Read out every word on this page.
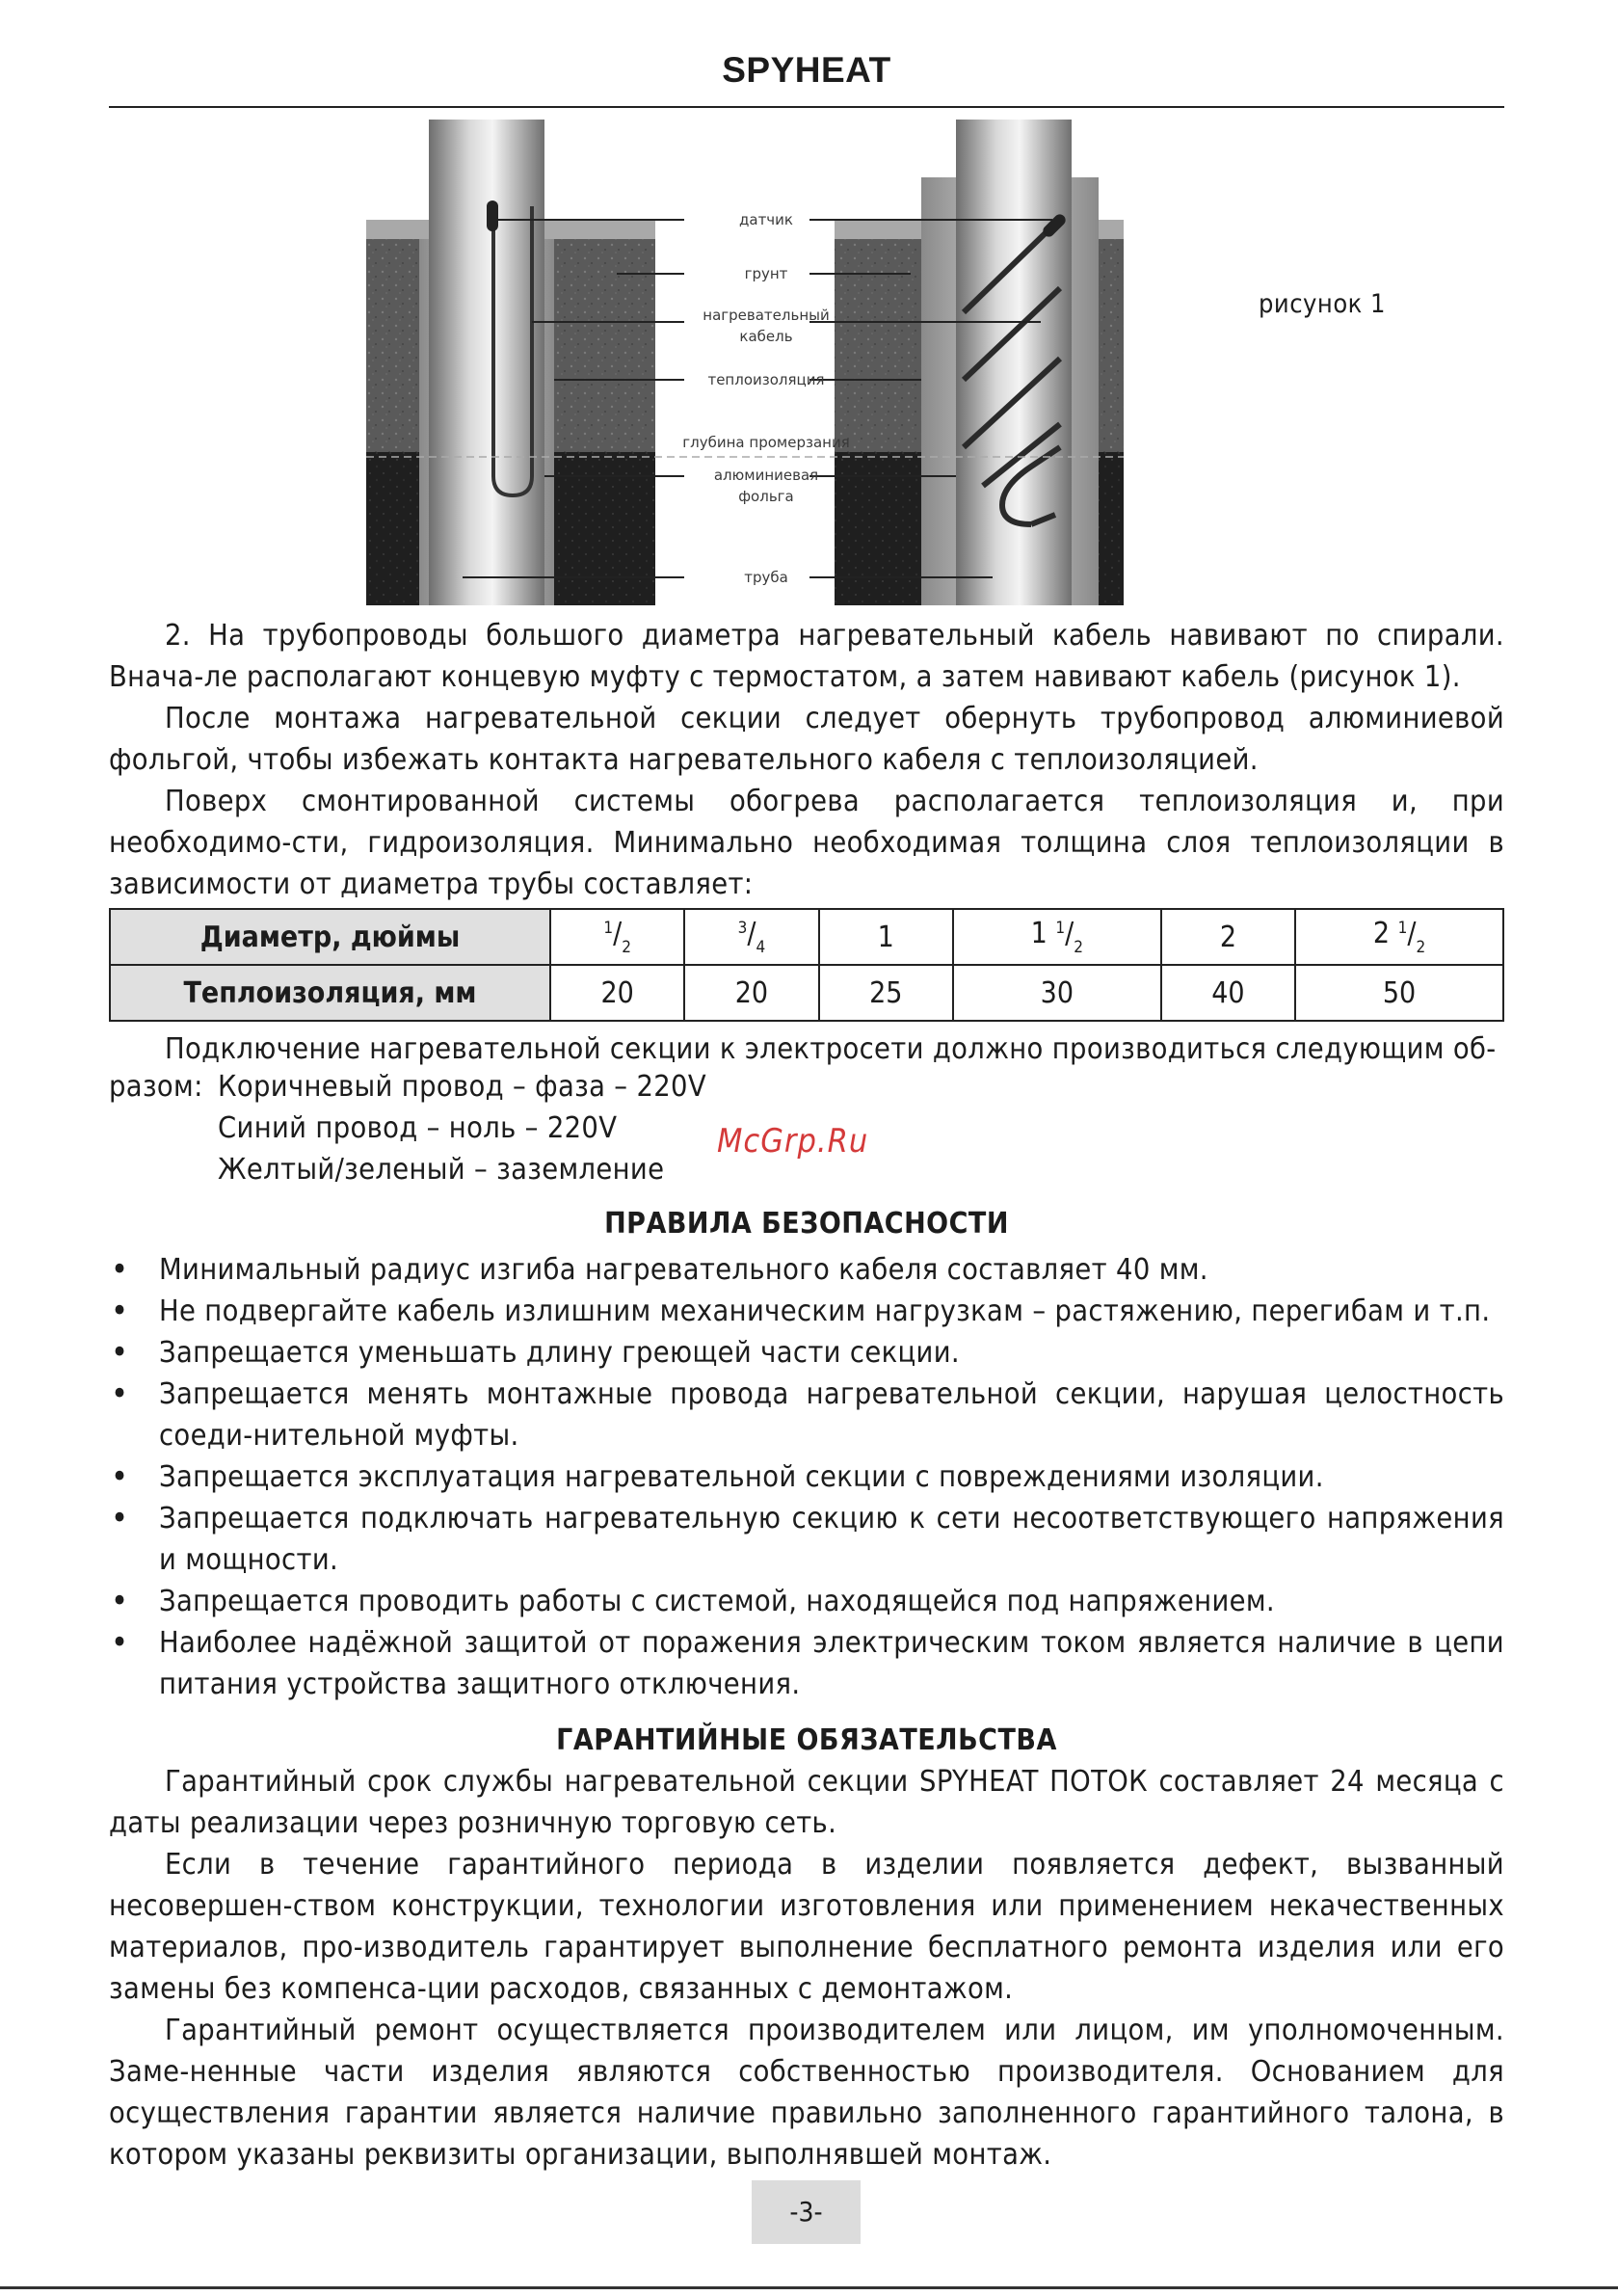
SPYHEAT
датчик
грунт
нагревательный
кабель
теплоизоляция
глубина промерзания
алюминиевая
фольга
труба
рисунок 1

2. На трубопроводы большого диаметра нагревательный кабель навивают по спирали. Внача-ле располагают концевую муфту с термостатом, а затем навивают кабель (рисунок 1).

После монтажа нагревательной секции следует обернуть трубопровод алюминиевой фольгой, чтобы избежать контакта нагревательного кабеля с теплоизоляцией.

Поверх смонтированной системы обогрева располагается теплоизоляция и, при необходимо-сти, гидроизоляция. Минимально необходимая толщина слоя теплоизоляции в зависимости от диаметра трубы составляет:

Диаметр, дюймы	$^1/_2$	$^3/_4$	1	1 $^1/_2$	2	2 $^1/_2$
Теплоизоляция, мм	20	20	25	30	40	50

Подключение нагревательной секции к электросети должно производиться следующим об-

разом: Коричневый провод – фаза – 220V
Синий провод – ноль – 220V
Желтый/зеленый – заземление
McGrp.Ru
ПРАВИЛА БЕЗОПАСНОСТИ
• Минимальный радиус изгиба нагревательного кабеля составляет 40 мм.
• Не подвергайте кабель излишним механическим нагрузкам – растяжению, перегибам и т.п.
• Запрещается уменьшать длину греющей части секции.
• Запрещается менять монтажные провода нагревательной секции, нарушая целостность соеди-нительной муфты.
• Запрещается эксплуатация нагревательной секции с повреждениями изоляции.
• Запрещается подключать нагревательную секцию к сети несоответствующего напряжения и мощности.
• Запрещается проводить работы с системой, находящейся под напряжением.
• Наиболее надёжной защитой от поражения электрическим током является наличие в цепи питания устройства защитного отключения.
ГАРАНТИЙНЫЕ ОБЯЗАТЕЛЬСТВА

Гарантийный срок службы нагревательной секции SPYHEAT ПОТОК составляет 24 месяца с даты реализации через розничную торговую сеть.

Если в течение гарантийного периода в изделии появляется дефект, вызванный несовершен-ством конструкции, технологии изготовления или применением некачественных материалов, про-изводитель гарантирует выполнение бесплатного ремонта изделия или его замены без компенса-ции расходов, связанных с демонтажом.

Гарантийный ремонт осуществляется производителем или лицом, им уполномоченным. Заме-ненные части изделия являются собственностью производителя. Основанием для осуществления гарантии является наличие правильно заполненного гарантийного талона, в котором указаны реквизиты организации, выполнявшей монтаж.

-3-
